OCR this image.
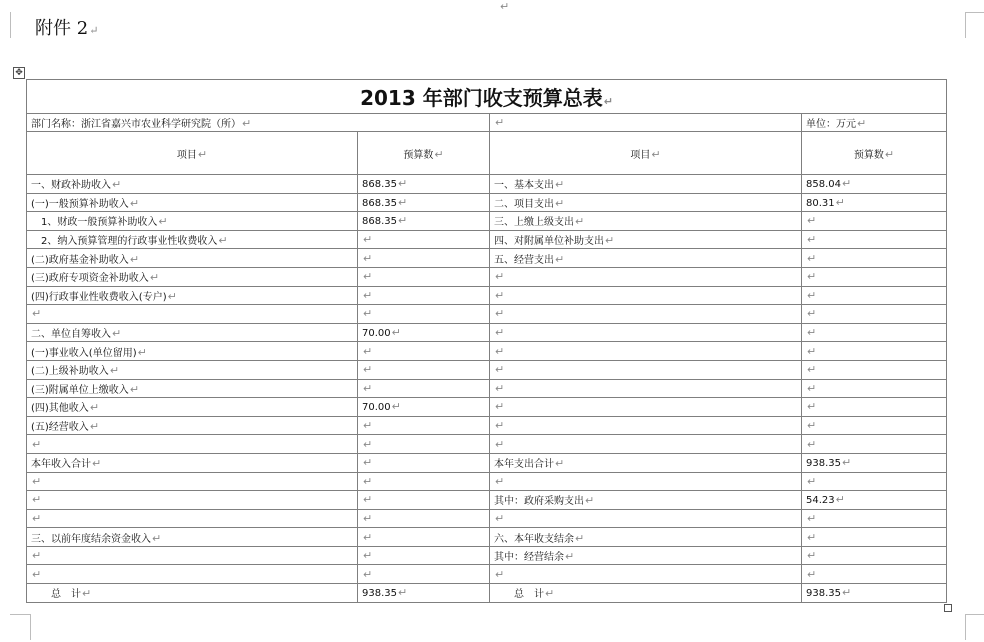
↵
附件 2↵
✥
2013 年部门收支预算总表↵			
部门名称：浙江省嘉兴市农业科学研究院（所）↵		↵	单位：万元↵
项目↵	预算数↵	项目↵	预算数↵
一、财政补助收入↵	868.35↵	一、基本支出↵	858.04↵
(一)一般预算补助收入↵	868.35↵	二、项目支出↵	80.31↵
　1、财政一般预算补助收入↵	868.35↵	三、上缴上级支出↵	↵
　2、纳入预算管理的行政事业性收费收入↵	↵	四、对附属单位补助支出↵	↵
(二)政府基金补助收入↵	↵	五、经营支出↵	↵
(三)政府专项资金补助收入↵	↵	↵	↵
(四)行政事业性收费收入(专户)↵	↵	↵	↵
↵	↵	↵	↵
二、单位自筹收入↵	70.00↵	↵	↵
(一)事业收入(单位留用)↵	↵	↵	↵
(二)上级补助收入↵	↵	↵	↵
(三)附属单位上缴收入↵	↵	↵	↵
(四)其他收入↵	70.00↵	↵	↵
(五)经营收入↵	↵	↵	↵
↵	↵	↵	↵
本年收入合计↵	↵	本年支出合计↵	938.35↵
↵	↵	↵	↵
↵	↵	其中：政府采购支出↵	54.23↵
↵	↵	↵	↵
三、以前年度结余资金收入↵	↵	六、本年收支结余↵	↵
↵	↵	其中：经营结余↵	↵
↵	↵	↵	↵
　　总　计↵	938.35↵	　　总　计↵	938.35↵
